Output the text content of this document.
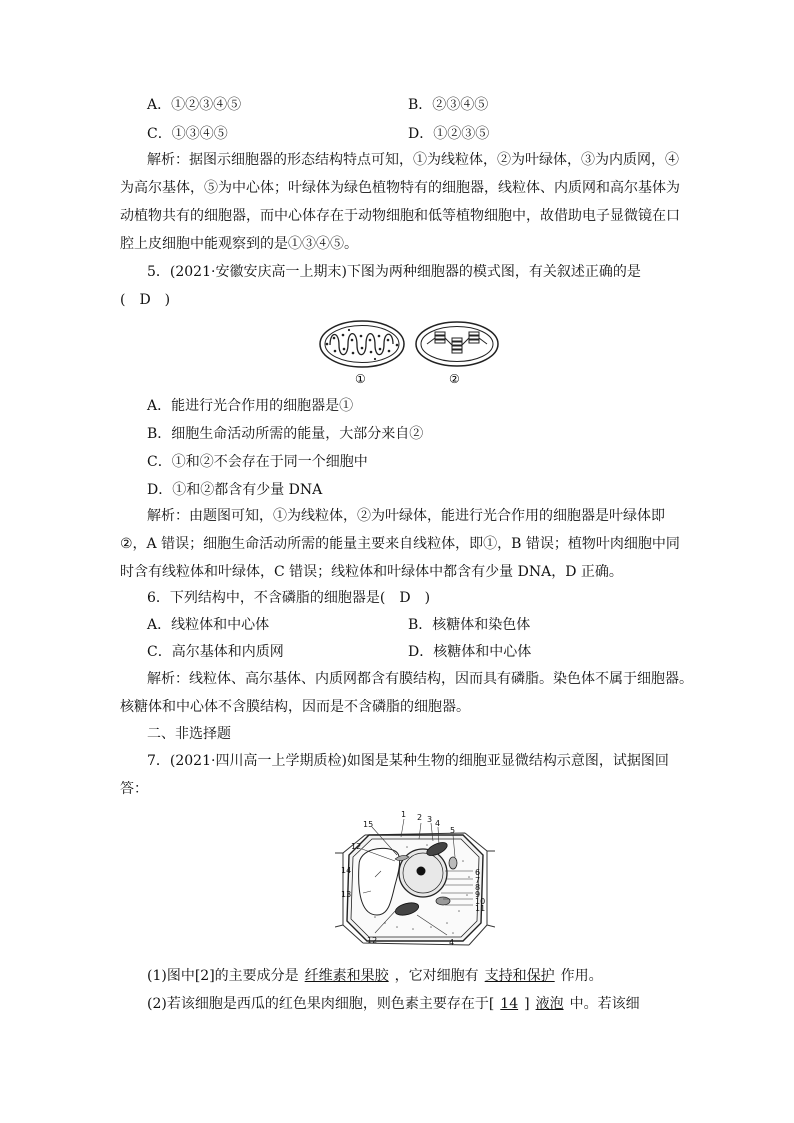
A．①②③④⑤	B．②③④⑤
C．①③④⑤	D．①②③⑤
解析：据图示细胞器的形态结构特点可知，①为线粒体，②为叶绿体，③为内质网，④
为高尔基体，⑤为中心体；叶绿体为绿色植物特有的细胞器，线粒体、内质网和高尔基体为
动植物共有的细胞器，而中心体存在于动物细胞和低等植物细胞中，故借助电子显微镜在口
腔上皮细胞中能观察到的是①③④⑤。
5．(2021·安徽安庆高一上期末)下图为两种细胞器的模式图，有关叙述正确的是
(　D　)
①	②
A．能进行光合作用的细胞器是①
B．细胞生命活动所需的能量，大部分来自②
C．①和②不会存在于同一个细胞中
D．①和②都含有少量 DNA
解析：由题图可知，①为线粒体，②为叶绿体，能进行光合作用的细胞器是叶绿体即
②，A 错误；细胞生命活动所需的能量主要来自线粒体，即①，B 错误；植物叶肉细胞中同
时含有线粒体和叶绿体，C 错误；线粒体和叶绿体中都含有少量 DNA，D 正确。
6．下列结构中，不含磷脂的细胞器是(　D　)
A．线粒体和中心体	B．核糖体和染色体
C．高尔基体和内质网	D．核糖体和中心体
解析：线粒体、高尔基体、内质网都含有膜结构，因而具有磷脂。染色体不属于细胞器。
核糖体和中心体不含膜结构，因而是不含磷脂的细胞器。
二、非选择题
7．(2021·四川高一上学期质检)如图是某种生物的细胞亚显微结构示意图，试据图回
答：
1 2 3 4
5
15
12
6
7
8
9
10
11
14
13
12	4
(1)图中[2]的主要成分是 纤维素和果胶 ，它对细胞有 支持和保护 作用。
(2)若该细胞是西瓜的红色果肉细胞，则色素主要存在于[ 14 ] 液泡 中。若该细
